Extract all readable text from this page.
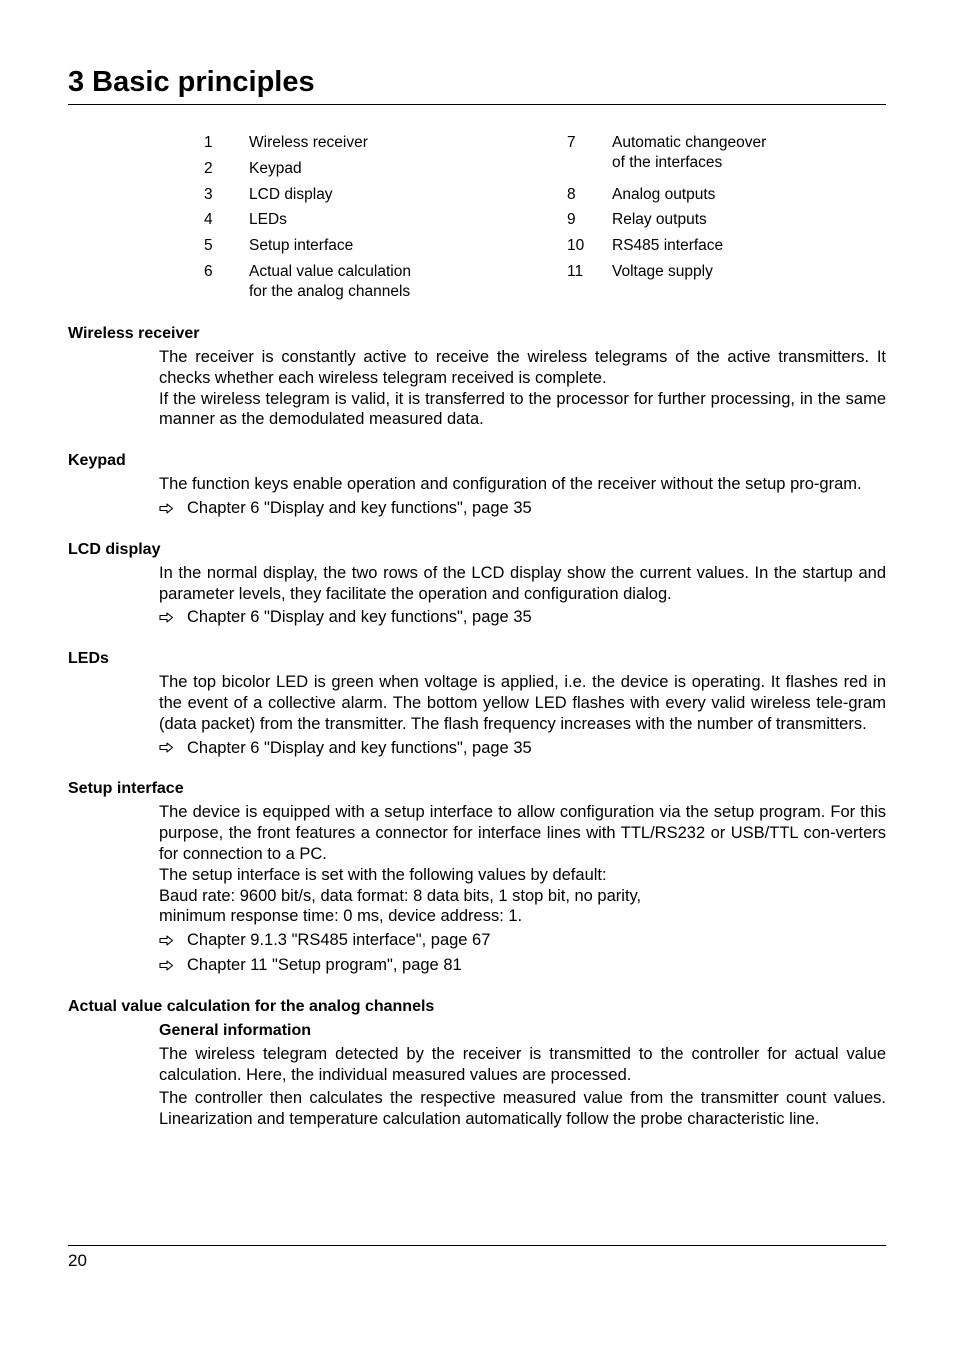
3 Basic principles
1	Wireless receiver
2	Keypad
3	LCD display
4	LEDs
5	Setup interface
6	Actual value calculation
for the analog channels
7	Automatic changeover
of the interfaces
8	Analog outputs
9	Relay outputs
10	RS485 interface
11	Voltage supply
Wireless receiver

The receiver is constantly active to receive the wireless telegrams of the active transmitters. It checks whether each wireless telegram received is complete.

If the wireless telegram is valid, it is transferred to the processor for further processing, in the same manner as the demodulated measured data.

Keypad

The function keys enable operation and configuration of the receiver without the setup pro-gram.

Chapter 6 "Display and key functions", page 35
LCD display

In the normal display, the two rows of the LCD display show the current values. In the startup and parameter levels, they facilitate the operation and configuration dialog.

Chapter 6 "Display and key functions", page 35
LEDs

The top bicolor LED is green when voltage is applied, i.e. the device is operating. It flashes red in the event of a collective alarm. The bottom yellow LED flashes with every valid wireless tele-gram (data packet) from the transmitter. The flash frequency increases with the number of transmitters.

Chapter 6 "Display and key functions", page 35
Setup interface

The device is equipped with a setup interface to allow configuration via the setup program. For this purpose, the front features a connector for interface lines with TTL/RS232 or USB/TTL con-verters for connection to a PC.

The setup interface is set with the following values by default:

Baud rate: 9600 bit/s, data format: 8 data bits, 1 stop bit, no parity,

minimum response time: 0 ms, device address: 1.

Chapter 9.1.3 "RS485 interface", page 67
Chapter 11 "Setup program", page 81
Actual value calculation for the analog channels
General information

The wireless telegram detected by the receiver is transmitted to the controller for actual value calculation. Here, the individual measured values are processed.

The controller then calculates the respective measured value from the transmitter count values. Linearization and temperature calculation automatically follow the probe characteristic line.

20
